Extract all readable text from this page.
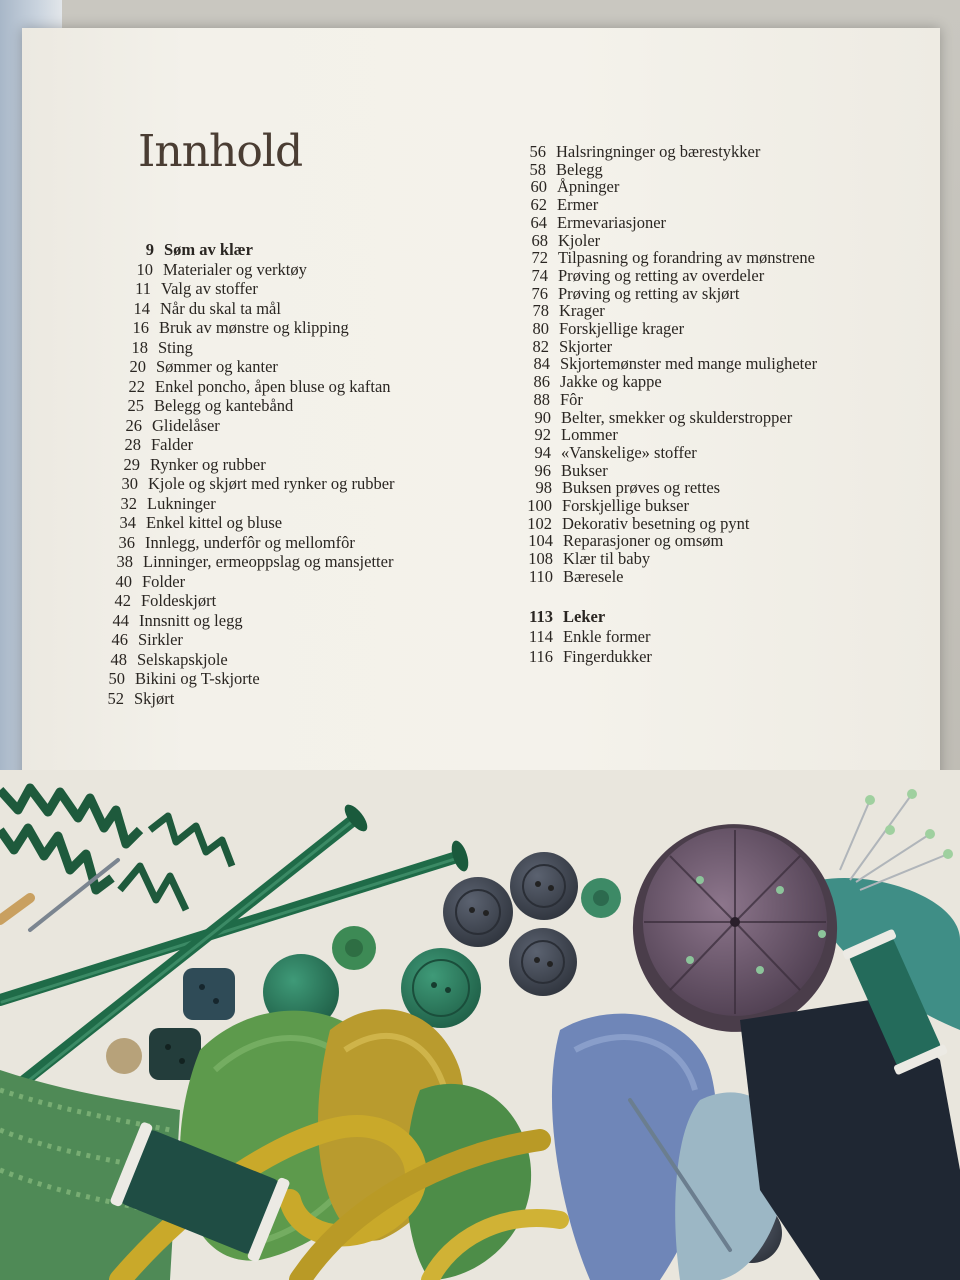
Innhold
9 Søm av klær
10 Materialer og verktøy
11 Valg av stoffer
14 Når du skal ta mål
16 Bruk av mønstre og klipping
18 Sting
20 Sømmer og kanter
22 Enkel poncho, åpen bluse og kaftan
25 Belegg og kantebånd
26 Glidelåser
28 Falder
29 Rynker og rubber
30 Kjole og skjørt med rynker og rubber
32 Lukninger
34 Enkel kittel og bluse
36 Innlegg, underfôr og mellomfôr
38 Linninger, ermeoppslag og mansjetter
40 Folder
42 Foldeskjørt
44 Innsnitt og legg
46 Sirkler
48 Selskapskjole
50 Bikini og T-skjorte
52 Skjørt
56 Halsringninger og bærestykker
58 Belegg
60 Åpninger
62 Ermer
64 Ermevariasjoner
68 Kjoler
72 Tilpasning og forandring av mønstrene
74 Prøving og retting av overdeler
76 Prøving og retting av skjørt
78 Krager
80 Forskjellige krager
82 Skjorter
84 Skjortemønster med mange muligheter
86 Jakke og kappe
88 Fôr
90 Belter, smekker og skulderstropper
92 Lommer
94 «Vanskelige» stoffer
96 Bukser
98 Buksen prøves og rettes
100 Forskjellige bukser
102 Dekorativ besetning og pynt
104 Reparasjoner og omsøm
108 Klær til baby
110 Bæresele
113 Leker
114 Enkle former
116 Fingerdukker
